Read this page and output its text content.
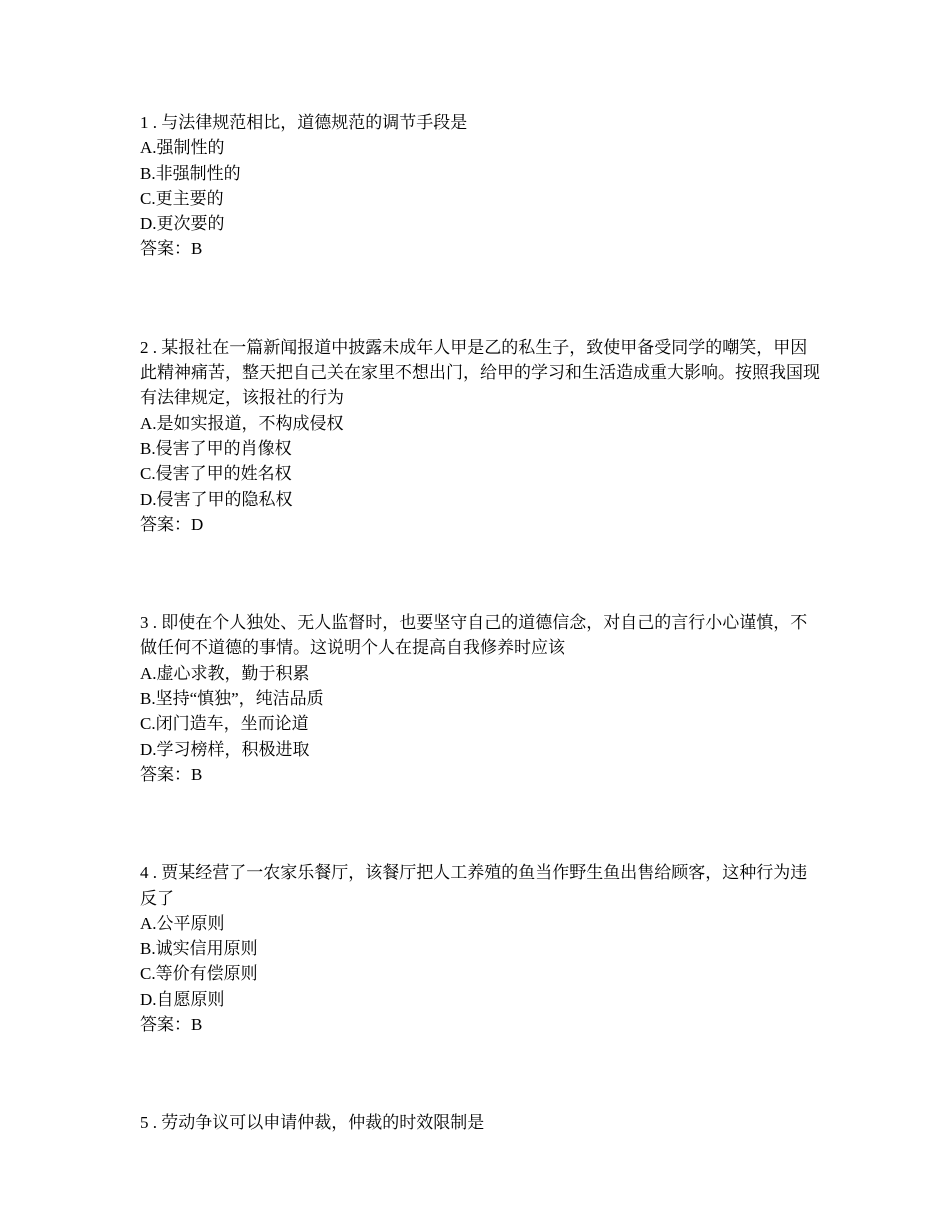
1 . 与法律规范相比，道德规范的调节手段是
A.强制性的
B.非强制性的
C.更主要的
D.更次要的
答案：B
2 . 某报社在一篇新闻报道中披露未成年人甲是乙的私生子，致使甲备受同学的嘲笑，甲因此精神痛苦，整天把自己关在家里不想出门，给甲的学习和生活造成重大影响。按照我国现有法律规定，该报社的行为
A.是如实报道，不构成侵权
B.侵害了甲的肖像权
C.侵害了甲的姓名权
D.侵害了甲的隐私权
答案：D
3 . 即使在个人独处、无人监督时，也要坚守自己的道德信念，对自己的言行小心谨慎，不做任何不道德的事情。这说明个人在提高自我修养时应该
A.虚心求教，勤于积累
B.坚持“慎独”，纯洁品质
C.闭门造车，坐而论道
D.学习榜样，积极进取
答案：B
4 . 贾某经营了一农家乐餐厅，该餐厅把人工养殖的鱼当作野生鱼出售给顾客，这种行为违反了
A.公平原则
B.诚实信用原则
C.等价有偿原则
D.自愿原则
答案：B
5 . 劳动争议可以申请仲裁，仲裁的时效限制是
